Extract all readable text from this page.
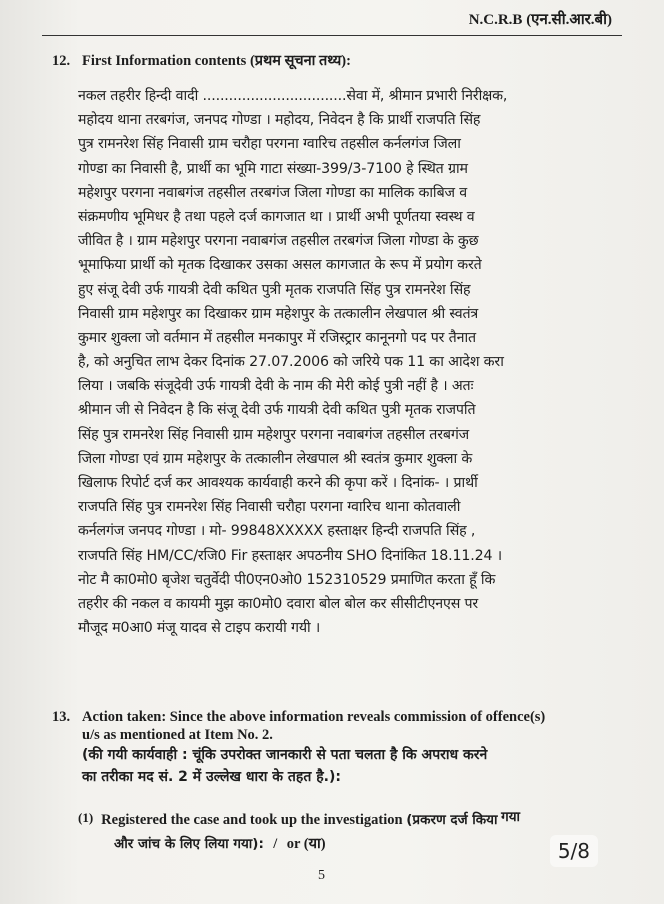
N.C.R.B (एन.सी.आर.बी)
12. First Information contents (प्रथम सूचना तथ्य):
नकल तहरीर हिन्दी वादी .................................सेवा में, श्रीमान प्रभारी निरीक्षक,
महोदय थाना तरबगंज, जनपद गोण्डा । महोदय, निवेदन है कि प्रार्थी राजपति सिंह
पुत्र रामनरेश सिंह निवासी ग्राम चरौहा परगना ग्वारिच तहसील कर्नलगंज जिला
गोण्डा का निवासी है, प्रार्थी का भूमि गाटा संख्या-399/3-7100 हे स्थित ग्राम
महेशपुर परगना नवाबगंज तहसील तरबगंज जिला गोण्डा का मालिक काबिज व
संक्रमणीय भूमिधर है तथा पहले दर्ज कागजात था । प्रार्थी अभी पूर्णतया स्वस्थ व
जीवित है । ग्राम महेशपुर परगना नवाबगंज तहसील तरबगंज जिला गोण्डा के कुछ
भूमाफिया प्रार्थी को मृतक दिखाकर उसका असल कागजात के रूप में प्रयोग करते
हुए संजू देवी उर्फ गायत्री देवी कथित पुत्री मृतक राजपति सिंह पुत्र रामनरेश सिंह
निवासी ग्राम महेशपुर का दिखाकर ग्राम महेशपुर के तत्कालीन लेखपाल श्री स्वतंत्र
कुमार शुक्ला जो वर्तमान में तहसील मनकापुर में रजिस्ट्रार कानूनगो पद पर तैनात
है, को अनुचित लाभ देकर दिनांक 27.07.2006 को जरिये पक 11 का आदेश करा
लिया । जबकि संजूदेवी उर्फ गायत्री देवी के नाम की मेरी कोई पुत्री नहीं है । अतः
श्रीमान जी से निवेदन है कि संजू देवी उर्फ गायत्री देवी कथित पुत्री मृतक राजपति
सिंह पुत्र रामनरेश सिंह निवासी ग्राम महेशपुर परगना नवाबगंज तहसील तरबगंज
जिला गोण्डा एवं ग्राम महेशपुर के तत्कालीन लेखपाल श्री स्वतंत्र कुमार शुक्ला के
खिलाफ रिपोर्ट दर्ज कर आवश्यक कार्यवाही करने की कृपा करें । दिनांक- । प्रार्थी
राजपति सिंह पुत्र रामनरेश सिंह निवासी चरौहा परगना ग्वारिच थाना कोतवाली
कर्नलगंज जनपद गोण्डा । मो- 99848XXXXX हस्ताक्षर हिन्दी राजपति सिंह ,
राजपति सिंह HM/CC/रजि0 Fir हस्ताक्षर अपठनीय SHO दिनांकित 18.11.24 ।
नोट मै का0मो0 बृजेश चतुर्वेदी पी0एन0ओ0 152310529 प्रमाणित करता हूँ कि
तहरीर की नकल व कायमी मुझ का0मो0 दवारा बोल बोल कर सीसीटीएनएस पर
मौजूद म0आ0 मंजू यादव से टाइप करायी गयी ।
13. Action taken: Since the above information reveals commission of offence(s)
u/s as mentioned at Item No. 2.
(की गयी कार्यवाही : चूंकि उपरोक्त जानकारी से पता चलता है कि अपराध करने
का तरीका मद सं. 2 में उल्लेख धारा के तहत है.):
(1) Registered the case and took up the investigation (प्रकरण दर्ज किया गया
और जांच के लिए लिया गया): / or (या)
5
5/8
